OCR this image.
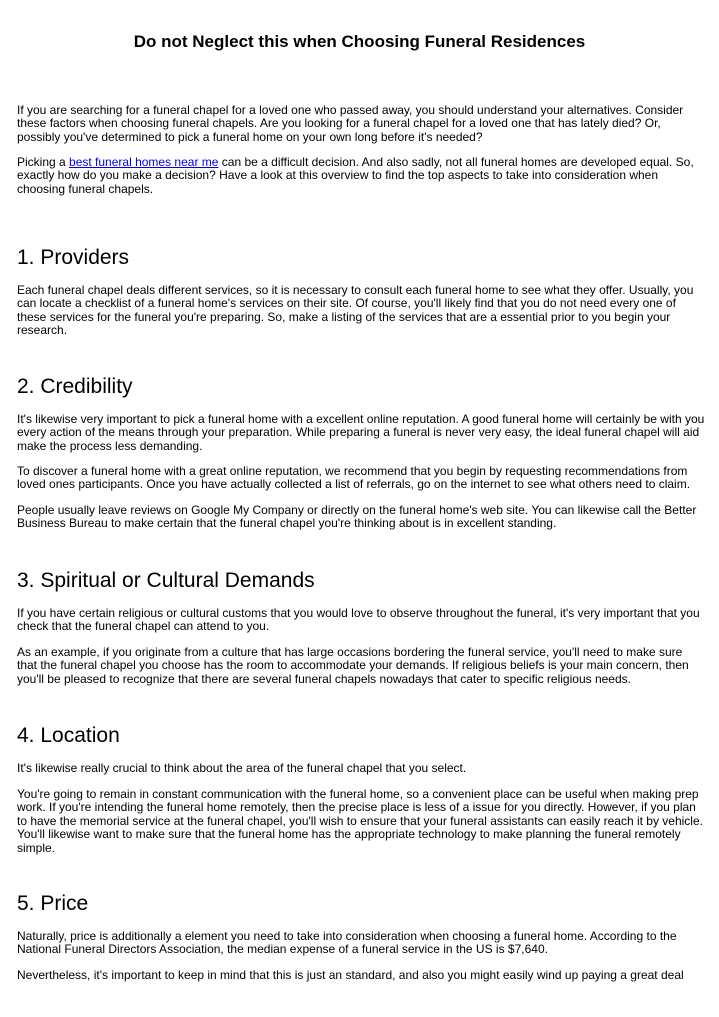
Do not Neglect this when Choosing Funeral Residences

If you are searching for a funeral chapel for a loved one who passed away, you should understand your alternatives. Consider these factors when choosing funeral chapels. Are you looking for a funeral chapel for a loved one that has lately died? Or, possibly you've determined to pick a funeral home on your own long before it's needed?

Picking a best funeral homes near me can be a difficult decision. And also sadly, not all funeral homes are developed equal. So, exactly how do you make a decision? Have a look at this overview to find the top aspects to take into consideration when choosing funeral chapels.

1. Providers

Each funeral chapel deals different services, so it is necessary to consult each funeral home to see what they offer. Usually, you can locate a checklist of a funeral home's services on their site. Of course, you'll likely find that you do not need every one of these services for the funeral you're preparing. So, make a listing of the services that are a essential prior to you begin your research.

2. Credibility

It's likewise very important to pick a funeral home with a excellent online reputation. A good funeral home will certainly be with you every action of the means through your preparation. While preparing a funeral is never very easy, the ideal funeral chapel will aid make the process less demanding.

To discover a funeral home with a great online reputation, we recommend that you begin by requesting recommendations from loved ones participants. Once you have actually collected a list of referrals, go on the internet to see what others need to claim.

People usually leave reviews on Google My Company or directly on the funeral home's web site. You can likewise call the Better Business Bureau to make certain that the funeral chapel you're thinking about is in excellent standing.

3. Spiritual or Cultural Demands

If you have certain religious or cultural customs that you would love to observe throughout the funeral, it's very important that you check that the funeral chapel can attend to you.

As an example, if you originate from a culture that has large occasions bordering the funeral service, you'll need to make sure that the funeral chapel you choose has the room to accommodate your demands. If religious beliefs is your main concern, then you'll be pleased to recognize that there are several funeral chapels nowadays that cater to specific religious needs.

4. Location

It's likewise really crucial to think about the area of the funeral chapel that you select.

You're going to remain in constant communication with the funeral home, so a convenient place can be useful when making prep work. If you're intending the funeral home remotely, then the precise place is less of a issue for you directly. However, if you plan to have the memorial service at the funeral chapel, you'll wish to ensure that your funeral assistants can easily reach it by vehicle. You'll likewise want to make sure that the funeral home has the appropriate technology to make planning the funeral remotely simple.

5. Price

Naturally, price is additionally a element you need to take into consideration when choosing a funeral home. According to the National Funeral Directors Association, the median expense of a funeral service in the US is $7,640.

Nevertheless, it's important to keep in mind that this is just an standard, and also you might easily wind up paying a great deal
